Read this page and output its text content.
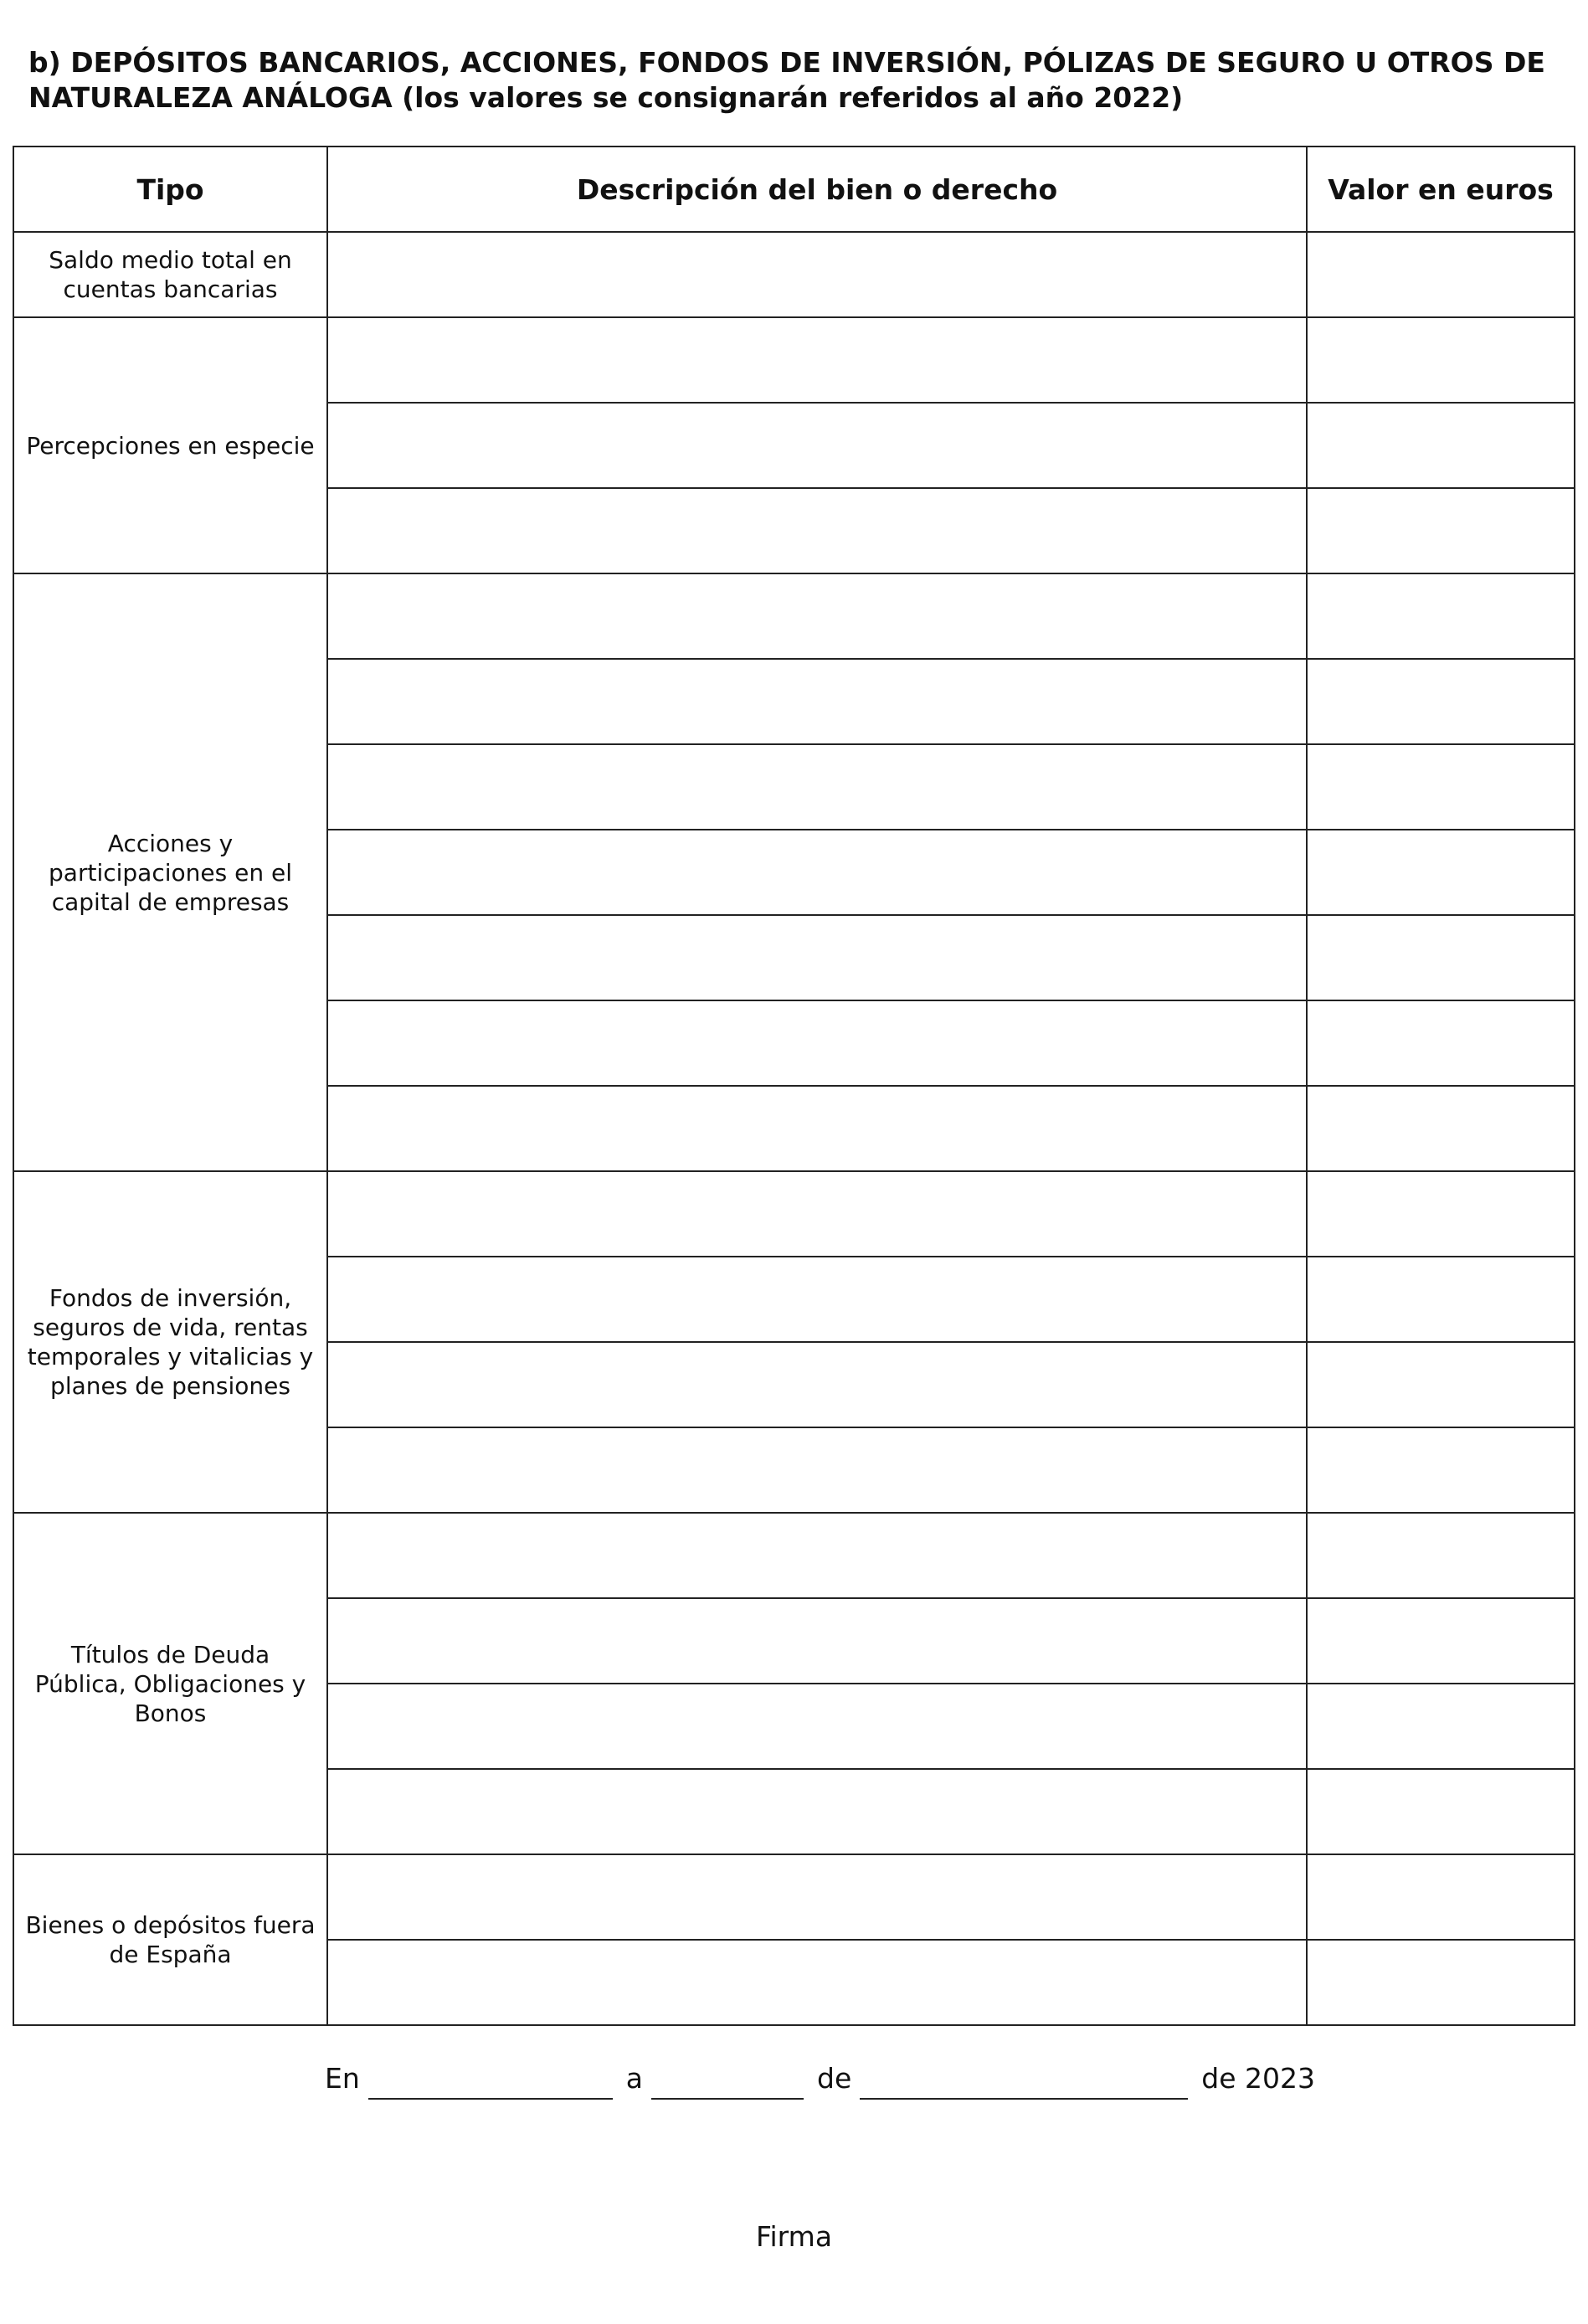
b) DEPÓSITOS BANCARIOS, ACCIONES, FONDOS DE INVERSIÓN, PÓLIZAS DE SEGURO U OTROS DE NATURALEZA ANÁLOGA (los valores se consignarán referidos al año 2022)
Tipo	Descripción del bien o derecho	Valor en euros
Saldo medio total en cuentas bancarias		
Percepciones en especie		

Acciones y participaciones en el capital de empresas		

Fondos de inversión, seguros de vida, rentas temporales y vitalicias y planes de pensiones		

Títulos de Deuda Pública, Obligaciones y Bonos		

Bienes o depósitos fuera de España		

En	a	de	de 2023
Firma
